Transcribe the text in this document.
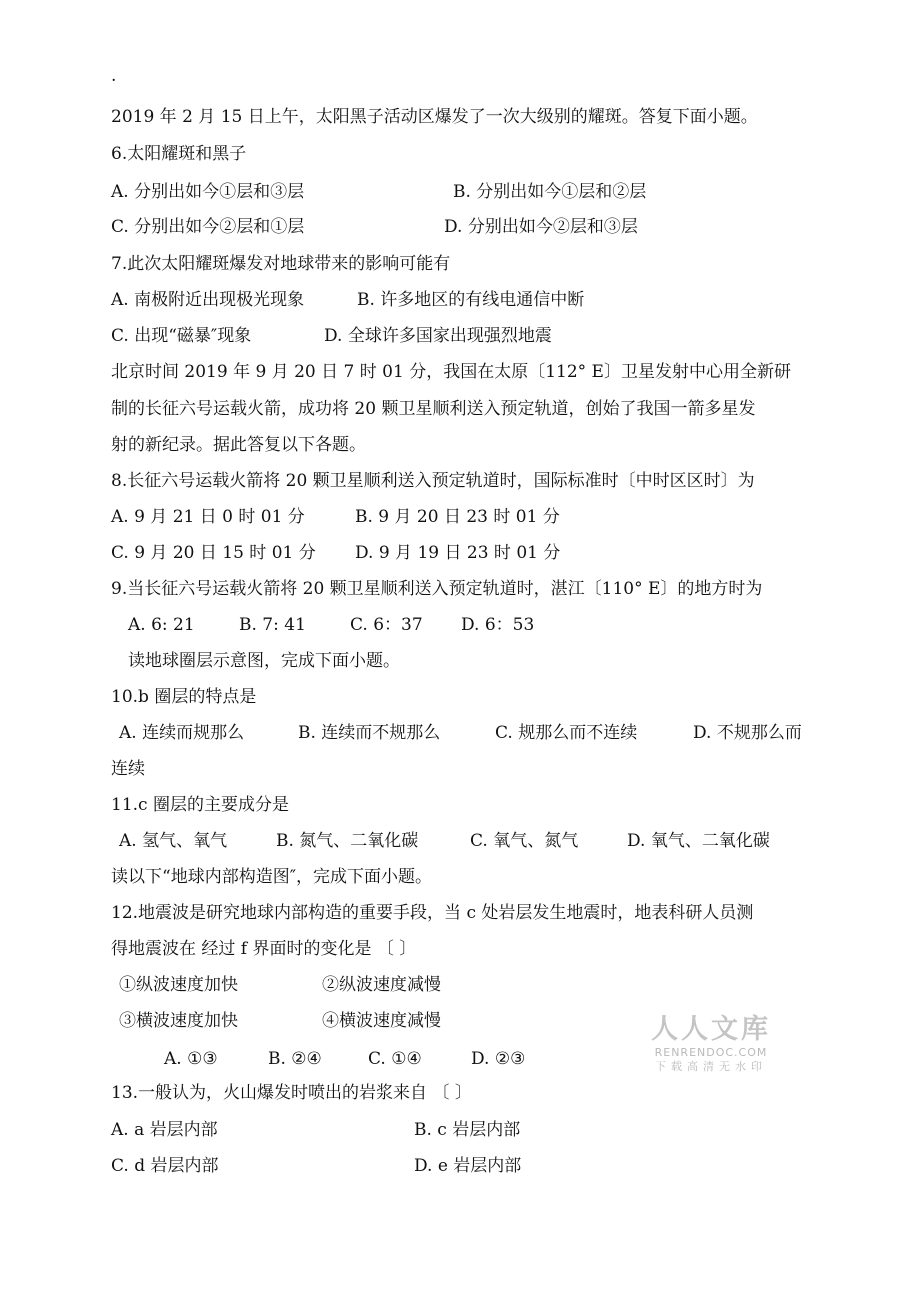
.
2019 年 2 月 15 日上午，太阳黑子活动区爆发了一次大级别的耀斑。答复下面小题。
6.太阳耀斑和黑子
A. 分别出如今①层和③层	B. 分别出如今①层和②层
C. 分别出如今②层和①层	D. 分别出如今②层和③层
7.此次太阳耀斑爆发对地球带来的影响可能有
A. 南极附近出现极光现象	B. 许多地区的有线电通信中断
C. 出现“磁暴″现象	D. 全球许多国家出现强烈地震
北京时间 2019 年 9 月 20 日 7 时 01 分，我国在太原〔112° E〕卫星发射中心用全新研
制的长征六号运载火箭，成功将 20 颗卫星顺利送入预定轨道，创始了我国一箭多星发
射的新纪录。据此答复以下各题。
8.长征六号运载火箭将 20 颗卫星顺利送入预定轨道时，国际标准时〔中时区区时〕为
A. 9 月 21 日 0 时 01 分	B. 9 月 20 日 23 时 01 分
C. 9 月 20 日 15 时 01 分 D. 9 月 19 日 23 时 01 分
9.当长征六号运载火箭将 20 颗卫星顺利送入预定轨道时，湛江〔110° E〕的地方时为
A. 6: 21	B. 7: 41	C. 6：37 D. 6：53
读地球圈层示意图，完成下面小题。
10.b 圈层的特点是
A. 连续而规那么	B. 连续而不规那么	C. 规那么而不连续	D. 不规那么而
连续
11.c 圈层的主要成分是
A. 氢气、氧气	B. 氮气、二氧化碳	C. 氧气、氮气	D. 氧气、二氧化碳
读以下“地球内部构造图″，完成下面小题。
12.地震波是研究地球内部构造的重要手段，当 c 处岩层发生地震时，地表科研人员测
得地震波在 经过 f 界面时的变化是 〔 〕
①纵波速度加快	②纵波速度减慢
③横波速度加快	④横波速度减慢
A. ①③	B. ②④	C. ①④	D. ②③
13.一般认为，火山爆发时喷出的岩浆来自 〔 〕
A. a 岩层内部	B. c 岩层内部
C. d 岩层内部	D. e 岩层内部
人人文库
RENRENDOC.COM
下载高清无水印
